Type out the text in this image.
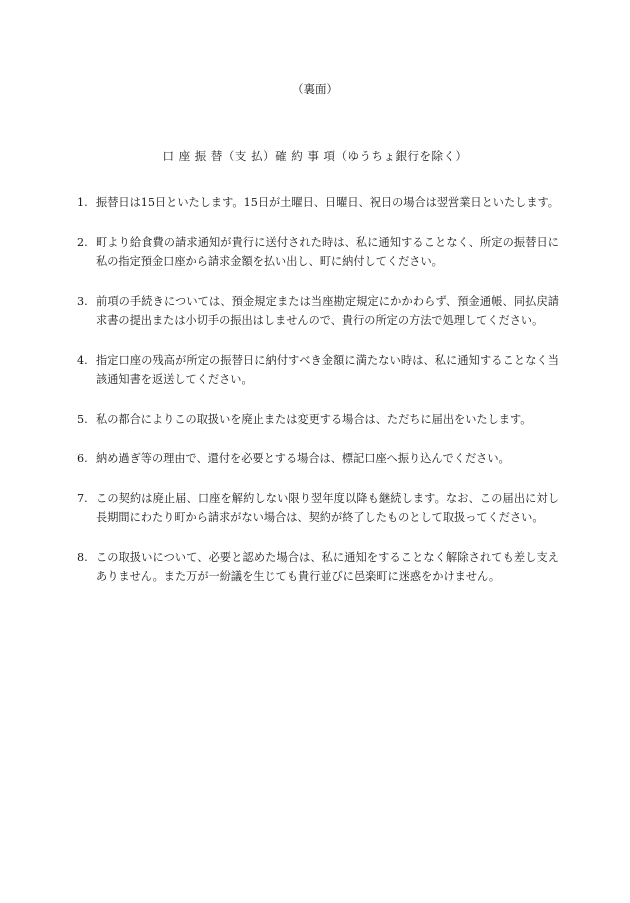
（裏面）
口 座 振 替（支 払）確 約 事 項（ゆうちょ銀行を除く）
1. 振替日は15日といたします。15日が土曜日、日曜日、祝日の場合は翌営業日といたします。
2. 町より給食費の請求通知が貴行に送付された時は、私に通知することなく、所定の振替日に私の指定預金口座から請求金額を払い出し、町に納付してください。
3. 前項の手続きについては、預金規定または当座勘定規定にかかわらず、預金通帳、同払戻請求書の提出または小切手の振出はしませんので、貴行の所定の方法で処理してください。
4. 指定口座の残高が所定の振替日に納付すべき金額に満たない時は、私に通知することなく当該通知書を返送してください。
5. 私の都合によりこの取扱いを廃止または変更する場合は、ただちに届出をいたします。
6. 納め過ぎ等の理由で、還付を必要とする場合は、標記口座へ振り込んでください。
7. この契約は廃止届、口座を解約しない限り翌年度以降も継続します。なお、この届出に対し長期間にわたり町から請求がない場合は、契約が終了したものとして取扱ってください。
8. この取扱いについて、必要と認めた場合は、私に通知をすることなく解除されても差し支えありません。また万が一紛議を生じても貴行並びに邑楽町に迷惑をかけません。
